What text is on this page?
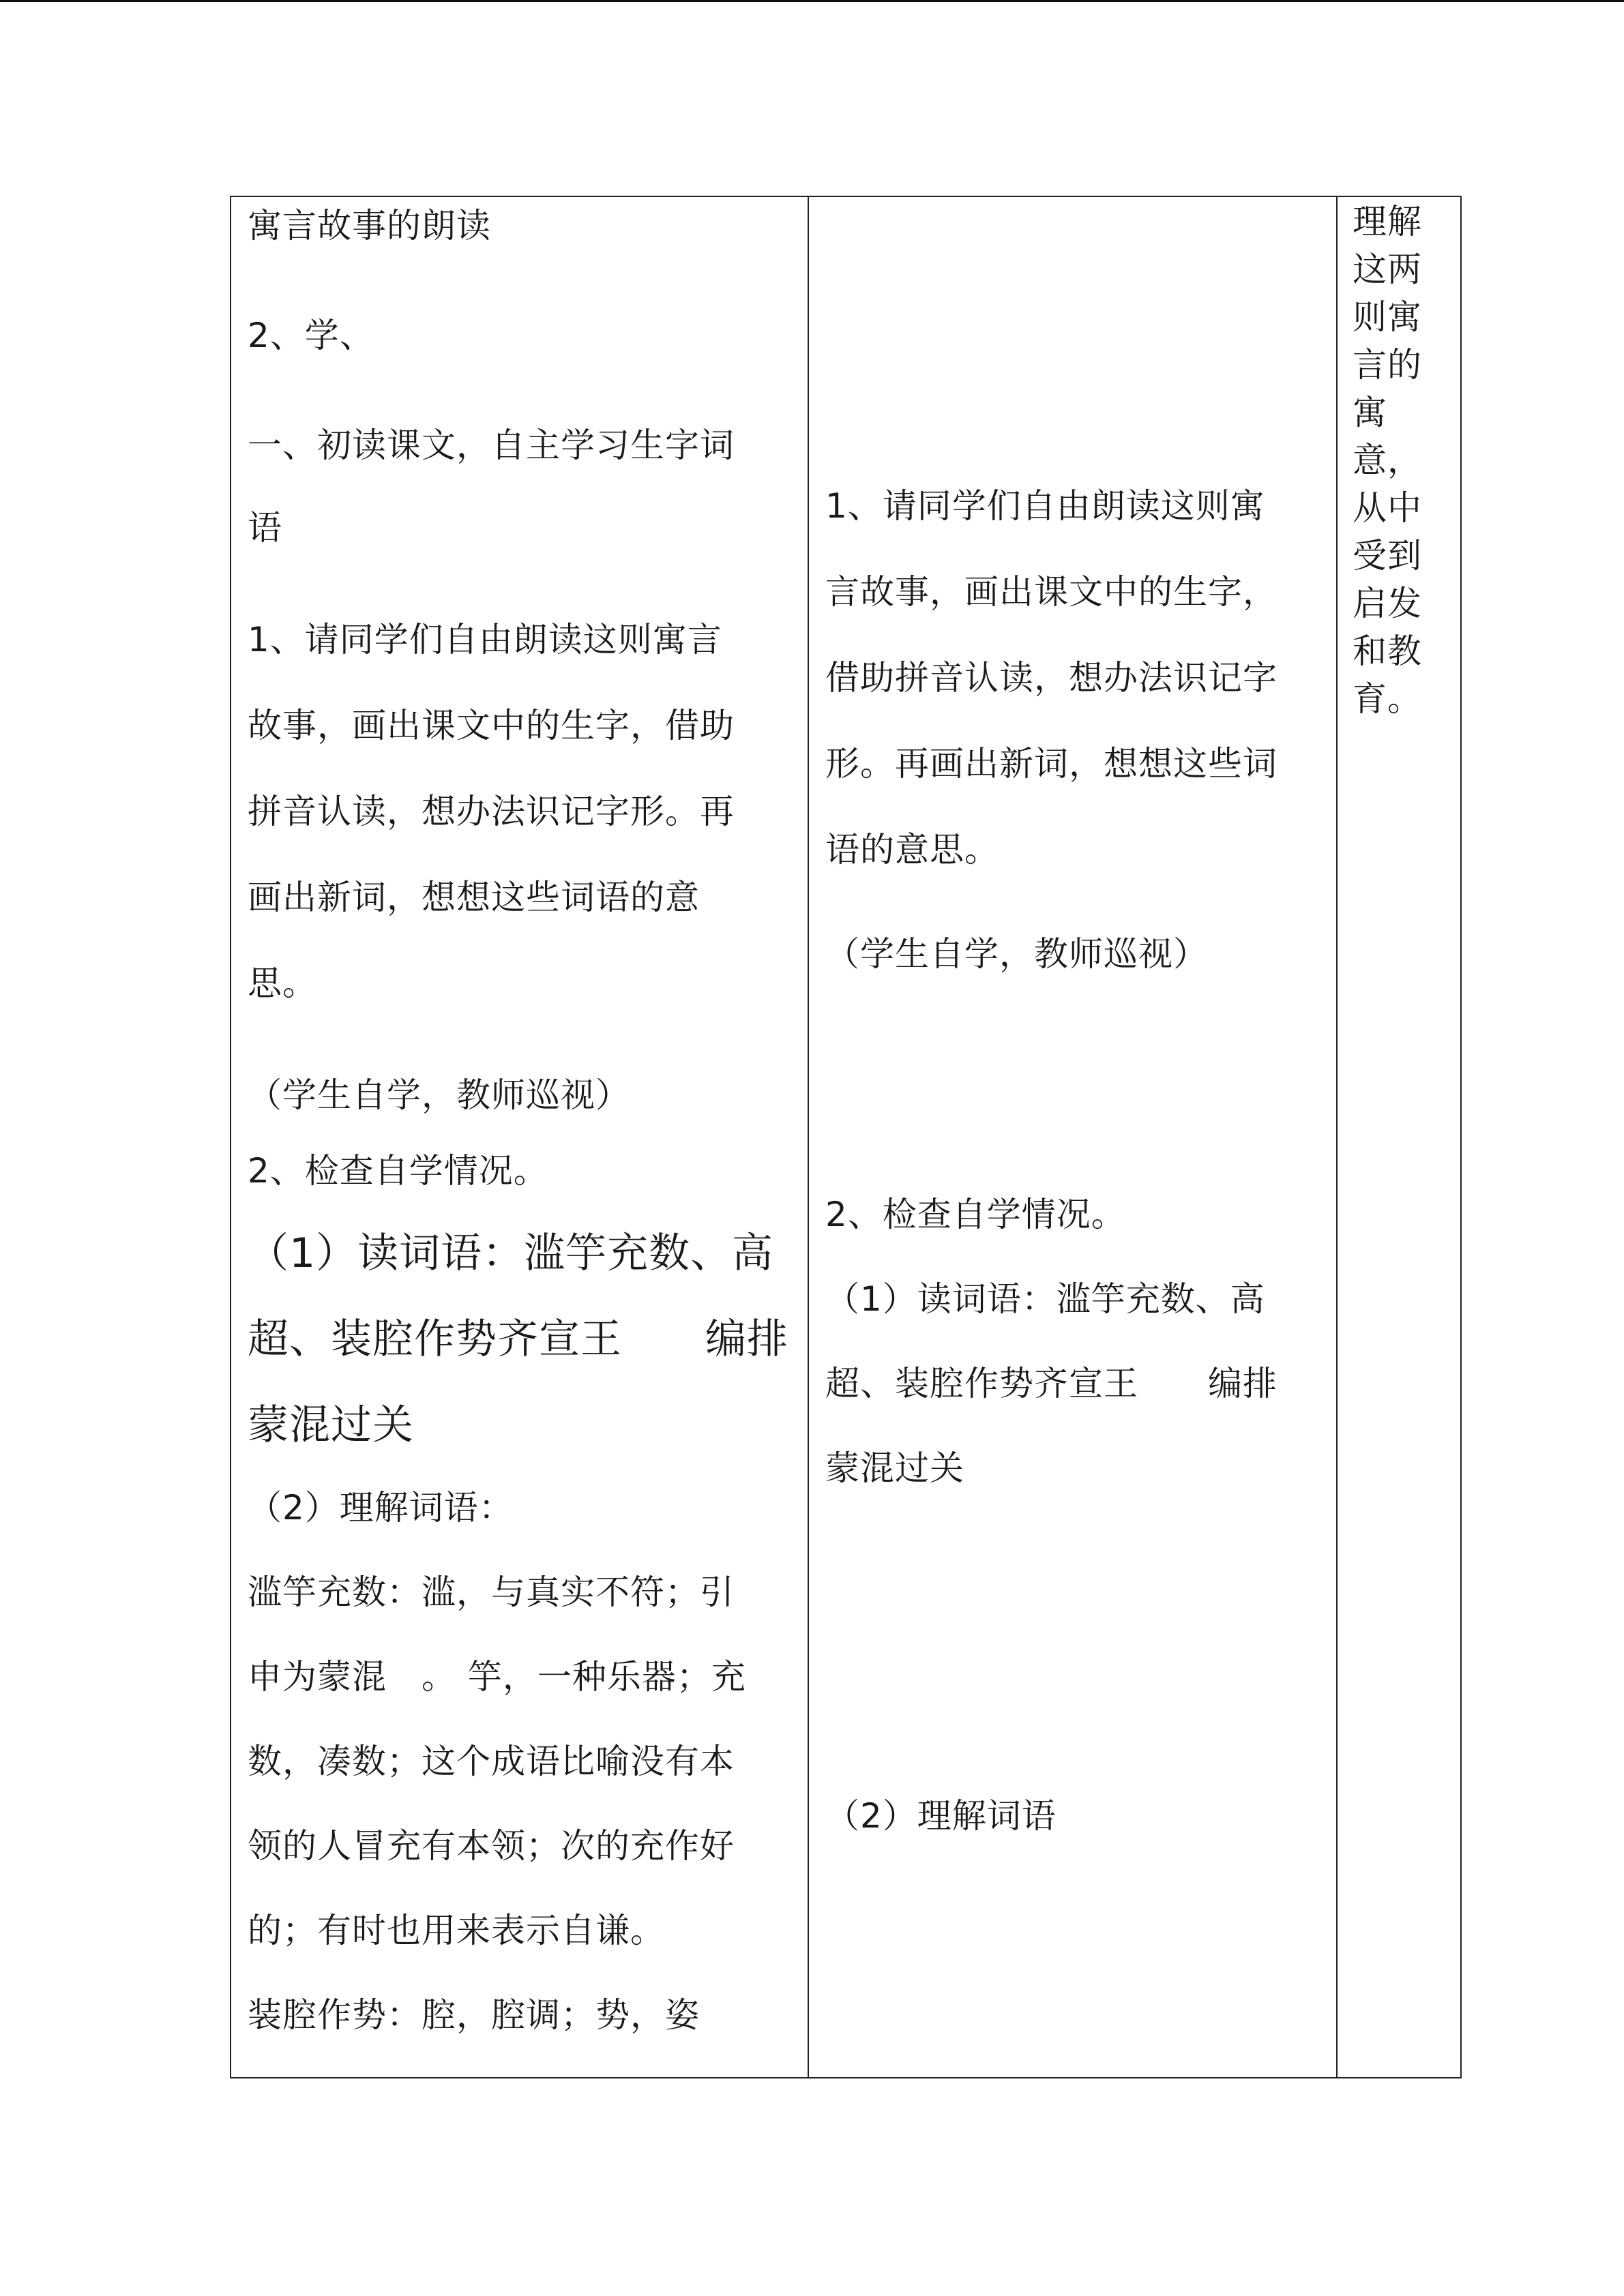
寓言故事的朗读
2、学、
一、初读课文，自主学习生字词
语
1、请同学们自由朗读这则寓言
故事，画出课文中的生字，借助
拼音认读，想办法识记字形。再
画出新词，想想这些词语的意
思。
（学生自学，教师巡视）
2、检查自学情况。
（1）读词语：滥竽充数、高
超、装腔作势齐宣王　　编排
蒙混过关
（2）理解词语：
滥竽充数：滥，与真实不符；引
申为蒙混　。 竽，一种乐器；充
数，凑数；这个成语比喻没有本
领的人冒充有本领；次的充作好
的；有时也用来表示自谦。
装腔作势：腔，腔调；势，姿

1、请同学们自由朗读这则寓
言故事，画出课文中的生字，
借助拼音认读，想办法识记字
形。再画出新词，想想这些词
语的意思。
（学生自学，教师巡视）
2、检查自学情况。
（1）读词语：滥竽充数、高
超、装腔作势齐宣王　　编排
蒙混过关
（2）理解词语

理解
这两
则寓
言的
寓
意，
从中
受到
启发
和教
育。
